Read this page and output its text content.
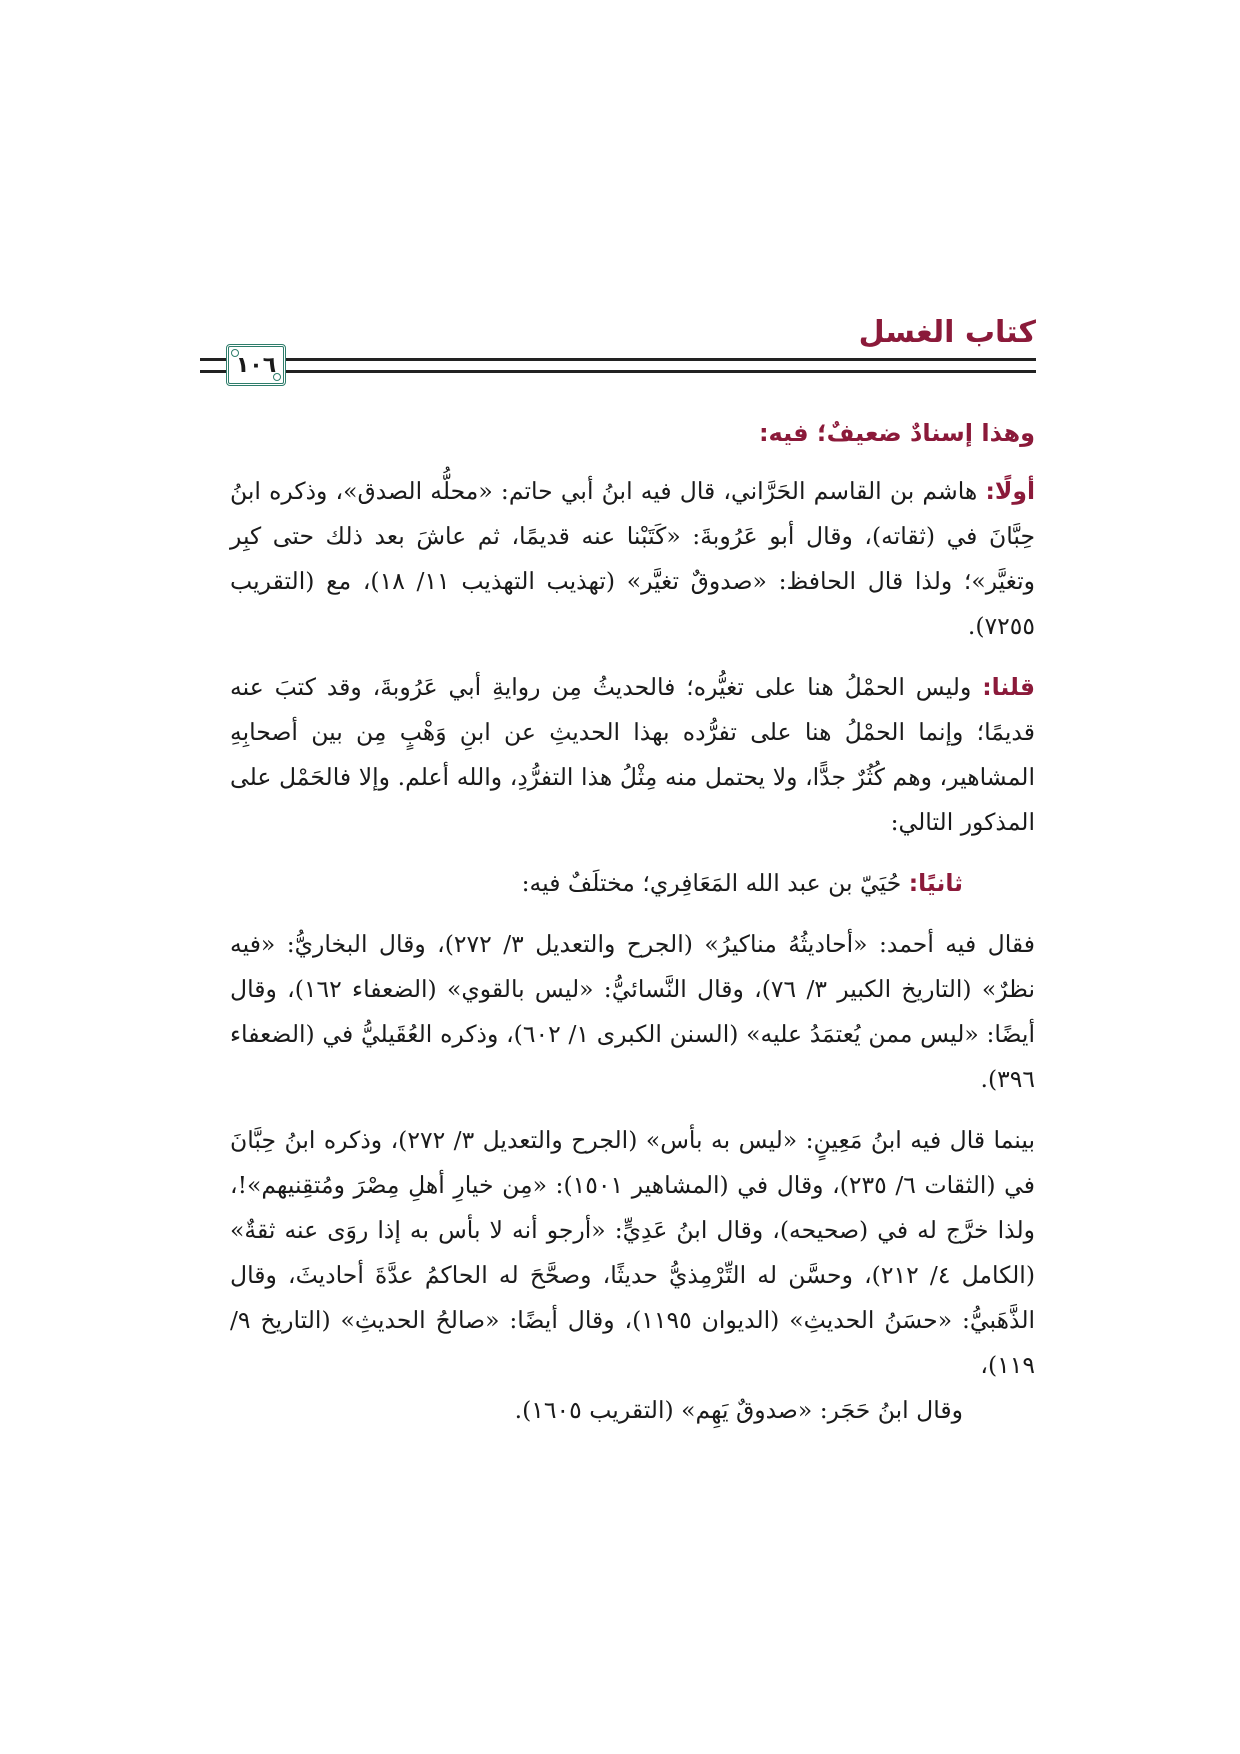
كتاب الغسل
١٠٦
وهذا إسنادٌ ضعيفٌ؛ فيه:

أولًا: هاشم بن القاسم الحَرَّاني، قال فيه ابنُ أبي حاتم: «محلُّه الصدق»، وذكره ابنُ حِبَّانَ في (ثقاته)، وقال أبو عَرُوبةَ: «كَتَبْنا عنه قديمًا، ثم عاشَ بعد ذلك حتى كبِر وتغيَّر»؛ ولذا قال الحافظ: «صدوقٌ تغيَّر» (تهذيب التهذيب ١١/ ١٨)، مع (التقريب ٧٢٥٥).

قلنا: وليس الحمْلُ هنا على تغيُّره؛ فالحديثُ مِن روايةِ أبي عَرُوبةَ، وقد كتبَ عنه قديمًا؛ وإنما الحمْلُ هنا على تفرُّده بهذا الحديثِ عن ابنِ وَهْبٍ مِن بين أصحابِهِ المشاهير، وهم كُثُرٌ جدًّا، ولا يحتمل منه مِثْلُ هذا التفرُّدِ، والله أعلم. وإلا فالحَمْل على المذكور التالي:

ثانيًا: حُيَيّ بن عبد الله المَعَافِري؛ مختلَفٌ فيه:

فقال فيه أحمد: «أحاديثُهُ مناكيرُ» (الجرح والتعديل ٣/ ٢٧٢)، وقال البخاريُّ: «فيه نظرٌ» (التاريخ الكبير ٣/ ٧٦)، وقال النَّسائيُّ: «ليس بالقوي» (الضعفاء ١٦٢)، وقال أيضًا: «ليس ممن يُعتمَدُ عليه» (السنن الكبرى ١/ ٦٠٢)، وذكره العُقَيليُّ في (الضعفاء ٣٩٦).

بينما قال فيه ابنُ مَعِينٍ: «ليس به بأس» (الجرح والتعديل ٣/ ٢٧٢)، وذكره ابنُ حِبَّانَ في (الثقات ٦/ ٢٣٥)، وقال في (المشاهير ١٥٠١): «مِن خيارِ أهلِ مِصْرَ ومُتقِنيهم»!، ولذا خرَّج له في (صحيحه)، وقال ابنُ عَدِيٍّ: «أرجو أنه لا بأس به إذا روَى عنه ثقةٌ» (الكامل ٤/ ٢١٢)، وحسَّن له التِّرْمِذيُّ حديثًا، وصحَّحَ له الحاكمُ عدَّةَ أحاديثَ، وقال الذَّهَبيُّ: «حسَنُ الحديثِ» (الديوان ١١٩٥)، وقال أيضًا: «صالحُ الحديثِ» (التاريخ ٩/ ١١٩)،

وقال ابنُ حَجَر: «صدوقٌ يَهِم» (التقريب ١٦٠٥).
